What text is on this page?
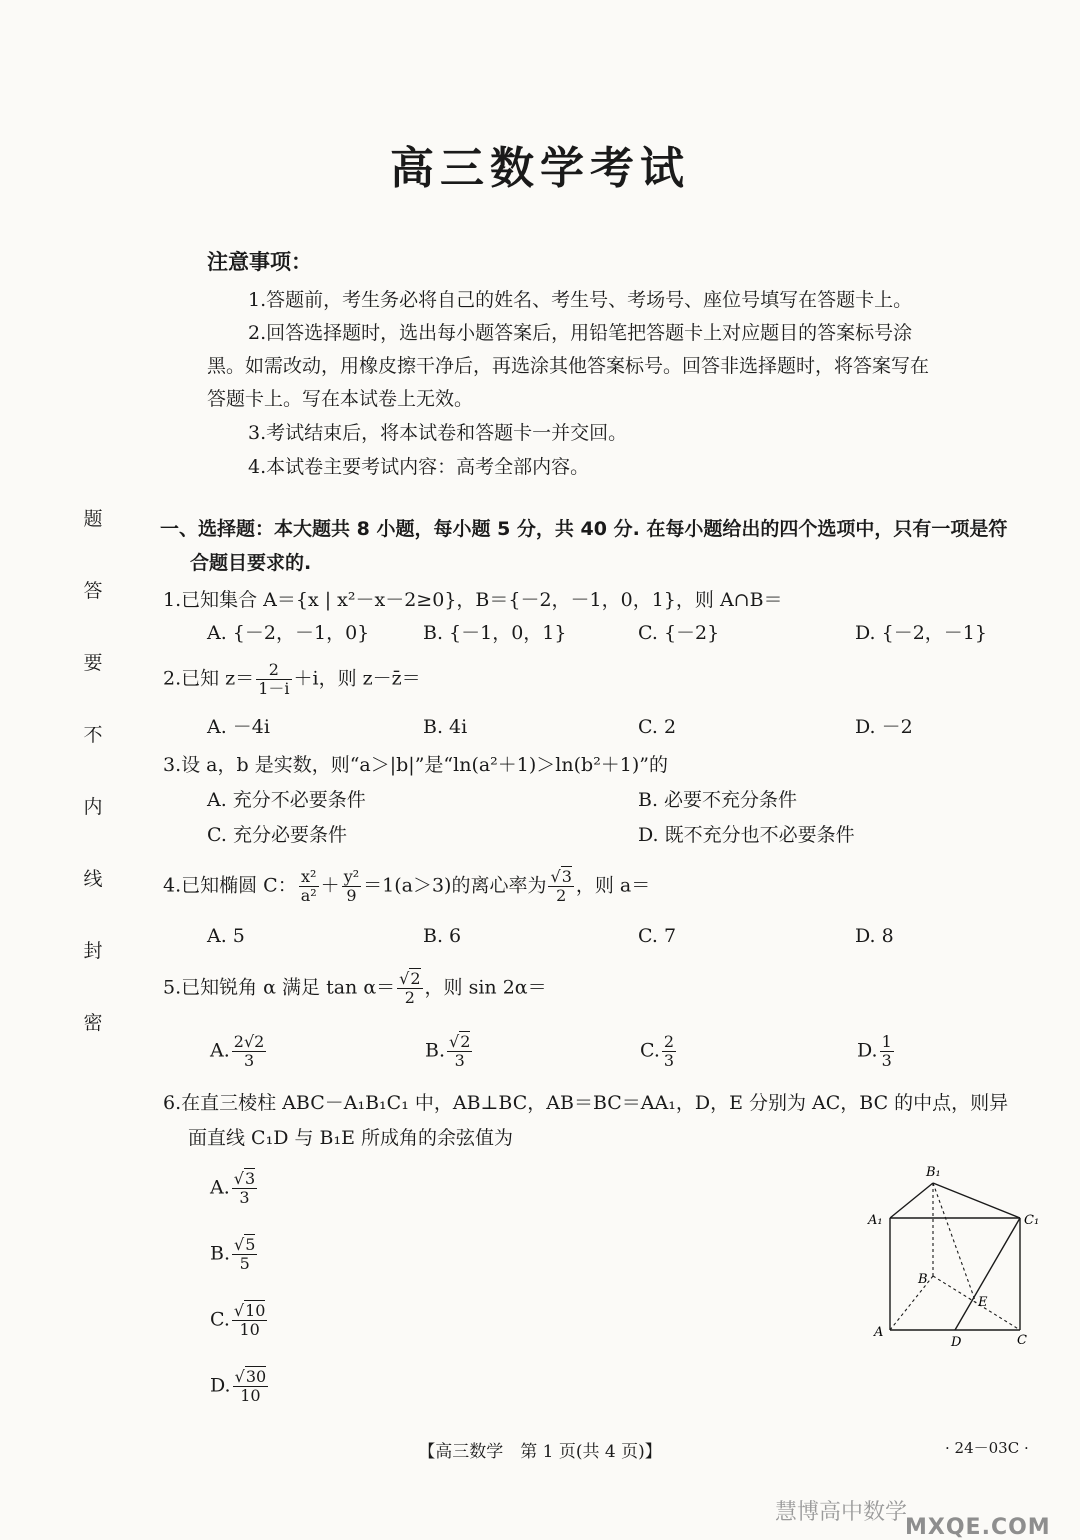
高三数学考试
注意事项：
1.答题前，考生务必将自己的姓名、考生号、考场号、座位号填写在答题卡上。
2.回答选择题时，选出每小题答案后，用铅笔把答题卡上对应题目的答案标号涂
黑。如需改动，用橡皮擦干净后，再选涂其他答案标号。回答非选择题时，将答案写在
答题卡上。写在本试卷上无效。
3.考试结束后，将本试卷和答题卡一并交回。
4.本试卷主要考试内容：高考全部内容。
题
答
要
不
内
线
封
密
一、选择题：本大题共 8 小题，每小题 5 分，共 40 分. 在每小题给出的四个选项中，只有一项是符
合题目要求的.
1.已知集合 A＝{x | x²－x－2≥0}，B＝{－2，－1，0，1}，则 A∩B＝
A. {－2，－1，0}	B. {－1，0，1}	C. {－2}	D. {－2，－1}
2.已知 $z= \frac{2}{1-i} +i$，则 z－z̄＝
A. －4i	B. 4i	C. 2	D. －2
3.设 a，b 是实数，则“a＞|b|”是“ln(a²＋1)＞ln(b²＋1)”的
A. 充分不必要条件	B. 必要不充分条件
C. 充分必要条件	D. 既不充分也不必要条件
4.已知椭圆 C： $\frac{\text{x²}}{\text{a²}} + \frac{\text{y²}}{9} =1(a>3)$的离心率为 $\frac{√3}{2}$ ，则 a＝
A. 5	B. 6	C. 7	D. 8
5.已知锐角 α 满足 $\tan \alpha= \frac{√2}{2}$ ，则 sin 2α＝
A. $\frac{2√2}{3}$	B. $\frac{√2}{3}$	C. $\frac{2}{3}$	D. $\frac{1}{3}$
6.在直三棱柱 ABC－A₁B₁C₁ 中，AB⊥BC，AB＝BC＝AA₁，D，E 分别为 AC，BC 的中点，则异
面直线 C₁D 与 B₁E 所成角的余弦值为
A. $\frac{√3}{3}$
B. $\frac{√5}{5}$
C. $\frac{√10}{10}$
D. $\frac{√30}{10}$
B₁
A₁	C₁
B
E
A
D	C
【高三数学　第 1 页(共 4 页)】	· 24－03C ·
慧博高中数学
MXQE.COM
